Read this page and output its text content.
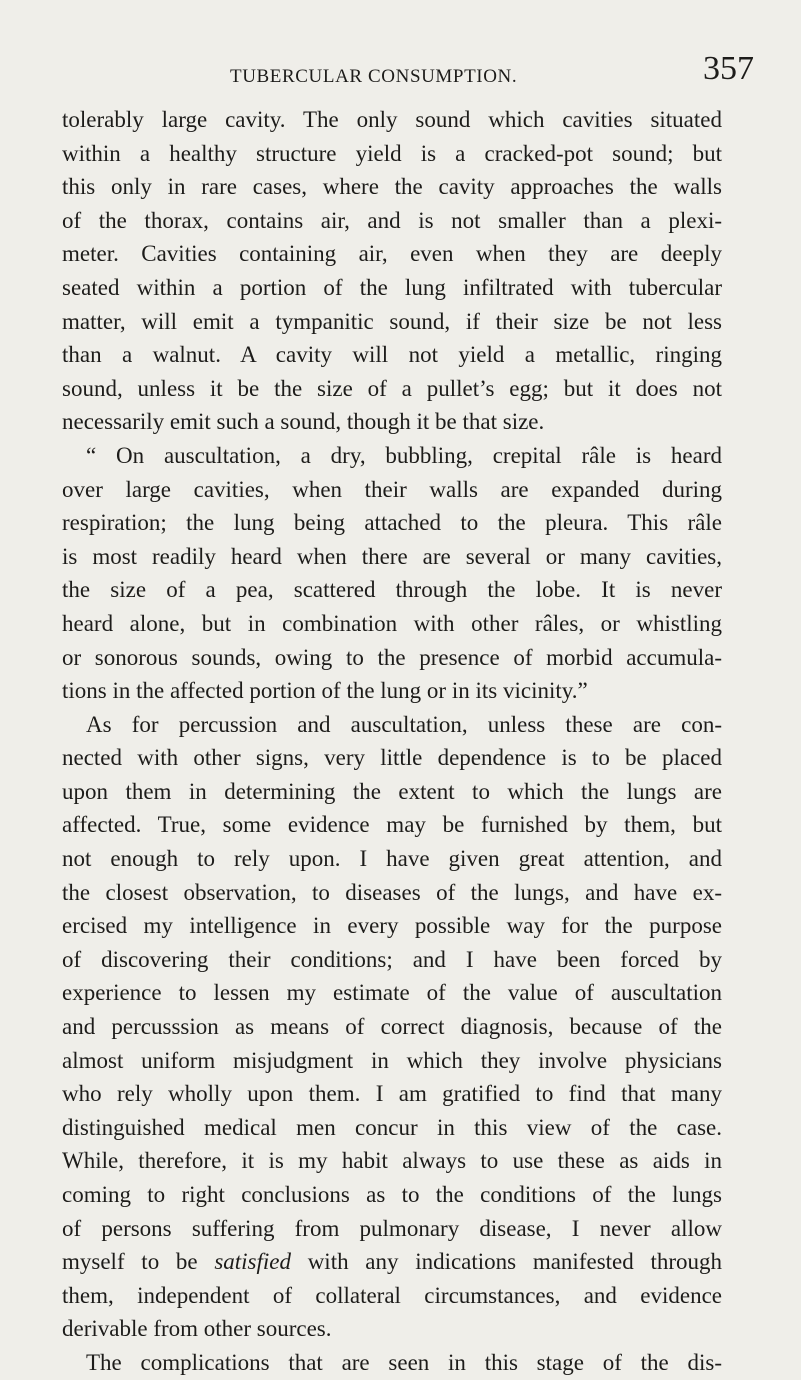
TUBERCULAR CONSUMPTION.	357
tolerably large cavity. The only sound which cavities situated
within a healthy structure yield is a cracked-pot sound; but
this only in rare cases, where the cavity approaches the walls
of the thorax, contains air, and is not smaller than a plexi-
meter. Cavities containing air, even when they are deeply
seated within a portion of the lung infiltrated with tubercular
matter, will emit a tympanitic sound, if their size be not less
than a walnut. A cavity will not yield a metallic, ringing
sound, unless it be the size of a pullet’s egg; but it does not
necessarily emit such a sound, though it be that size.
“ On auscultation, a dry, bubbling, crepital râle is heard
over large cavities, when their walls are expanded during
respiration; the lung being attached to the pleura. This râle
is most readily heard when there are several or many cavities,
the size of a pea, scattered through the lobe. It is never
heard alone, but in combination with other râles, or whistling
or sonorous sounds, owing to the presence of morbid accumula-
tions in the affected portion of the lung or in its vicinity.”
As for percussion and auscultation, unless these are con-
nected with other signs, very little dependence is to be placed
upon them in determining the extent to which the lungs are
affected. True, some evidence may be furnished by them, but
not enough to rely upon. I have given great attention, and
the closest observation, to diseases of the lungs, and have ex-
ercised my intelligence in every possible way for the purpose
of discovering their conditions; and I have been forced by
experience to lessen my estimate of the value of auscultation
and percusssion as means of correct diagnosis, because of the
almost uniform misjudgment in which they involve physicians
who rely wholly upon them. I am gratified to find that many
distinguished medical men concur in this view of the case.
While, therefore, it is my habit always to use these as aids in
coming to right conclusions as to the conditions of the lungs
of persons suffering from pulmonary disease, I never allow
myself to be satisfied with any indications manifested through
them, independent of collateral circumstances, and evidence
derivable from other sources.
The complications that are seen in this stage of the dis-
